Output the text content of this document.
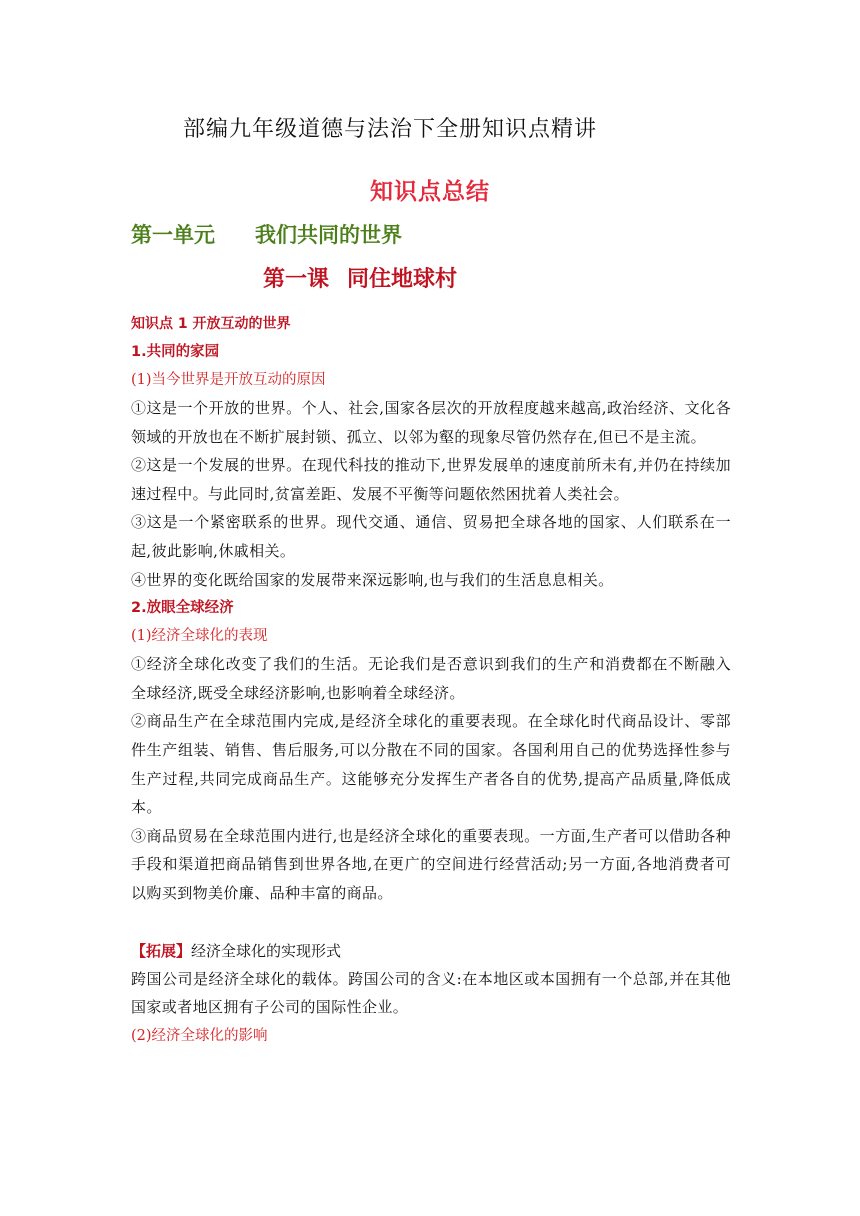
部编九年级道德与法治下全册知识点精讲
知识点总结
第一单元 我们共同的世界
第一课 同住地球村

知识点 1 开放互动的世界

1.共同的家园

(1)当今世界是开放互动的原因

①这是一个开放的世界。个人、社会,国家各层次的开放程度越来越高,政治经济、文化各领域的开放也在不断扩展封锁、孤立、以邻为壑的现象尽管仍然存在,但已不是主流。

②这是一个发展的世界。在现代科技的推动下,世界发展单的速度前所未有,并仍在持续加速过程中。与此同时,贫富差距、发展不平衡等问题依然困扰着人类社会。

③这是一个紧密联系的世界。现代交通、通信、贸易把全球各地的国家、人们联系在一起,彼此影响,休戚相关。

④世界的变化既给国家的发展带来深远影响,也与我们的生活息息相关。

2.放眼全球经济

(1)经济全球化的表现

①经济全球化改变了我们的生活。无论我们是否意识到我们的生产和消费都在不断融入全球经济,既受全球经济影响,也影响着全球经济。

②商品生产在全球范围内完成,是经济全球化的重要表现。在全球化时代商品设计、零部件生产组装、销售、售后服务,可以分散在不同的国家。各国利用自己的优势选择性参与生产过程,共同完成商品生产。这能够充分发挥生产者各自的优势,提高产品质量,降低成本。

③商品贸易在全球范围内进行,也是经济全球化的重要表现。一方面,生产者可以借助各种手段和渠道把商品销售到世界各地,在更广的空间进行经营活动;另一方面,各地消费者可以购买到物美价廉、品种丰富的商品。

【拓展】经济全球化的实现形式

跨国公司是经济全球化的载体。跨国公司的含义:在本地区或本国拥有一个总部,并在其他国家或者地区拥有子公司的国际性企业。

(2)经济全球化的影响
